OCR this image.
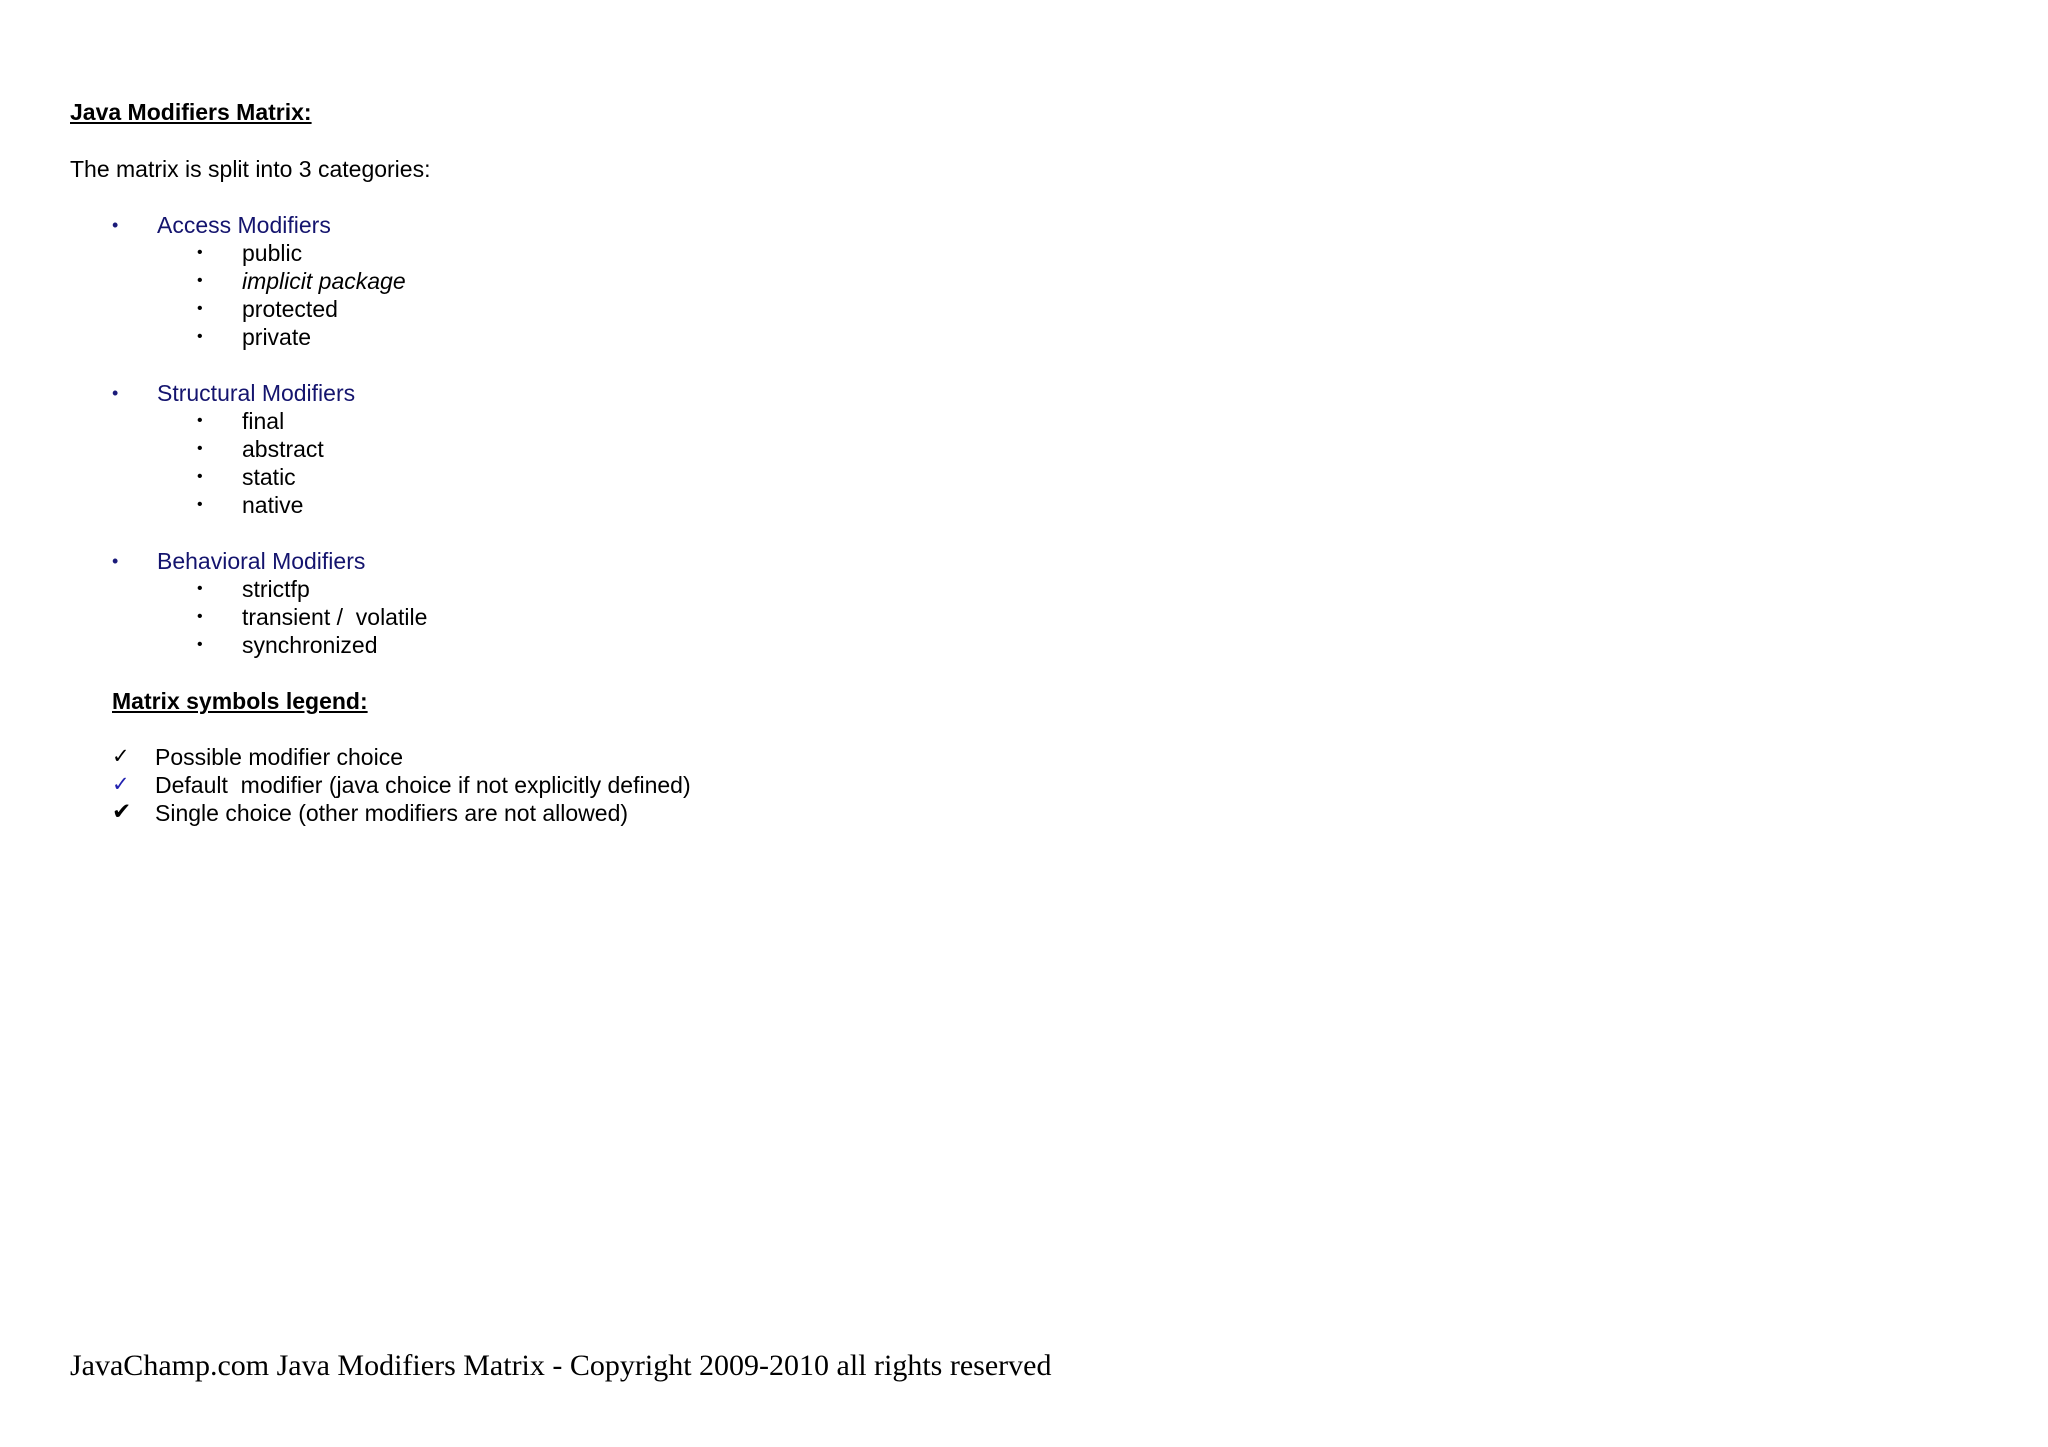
Java Modifiers Matrix:

The matrix is split into 3 categories:

• Access Modifiers
• public
• implicit package
• protected
• private
• Structural Modifiers
• final
• abstract
• static
• native
• Behavioral Modifiers
• strictfp
• transient /  volatile
• synchronized

Matrix symbols legend:

✓ Possible modifier choice
✓ Default  modifier (java choice if not explicitly defined)
✔ Single choice (other modifiers are not allowed)

JavaChamp.com Java Modifiers Matrix - Copyright 2009-2010 all rights reserved
